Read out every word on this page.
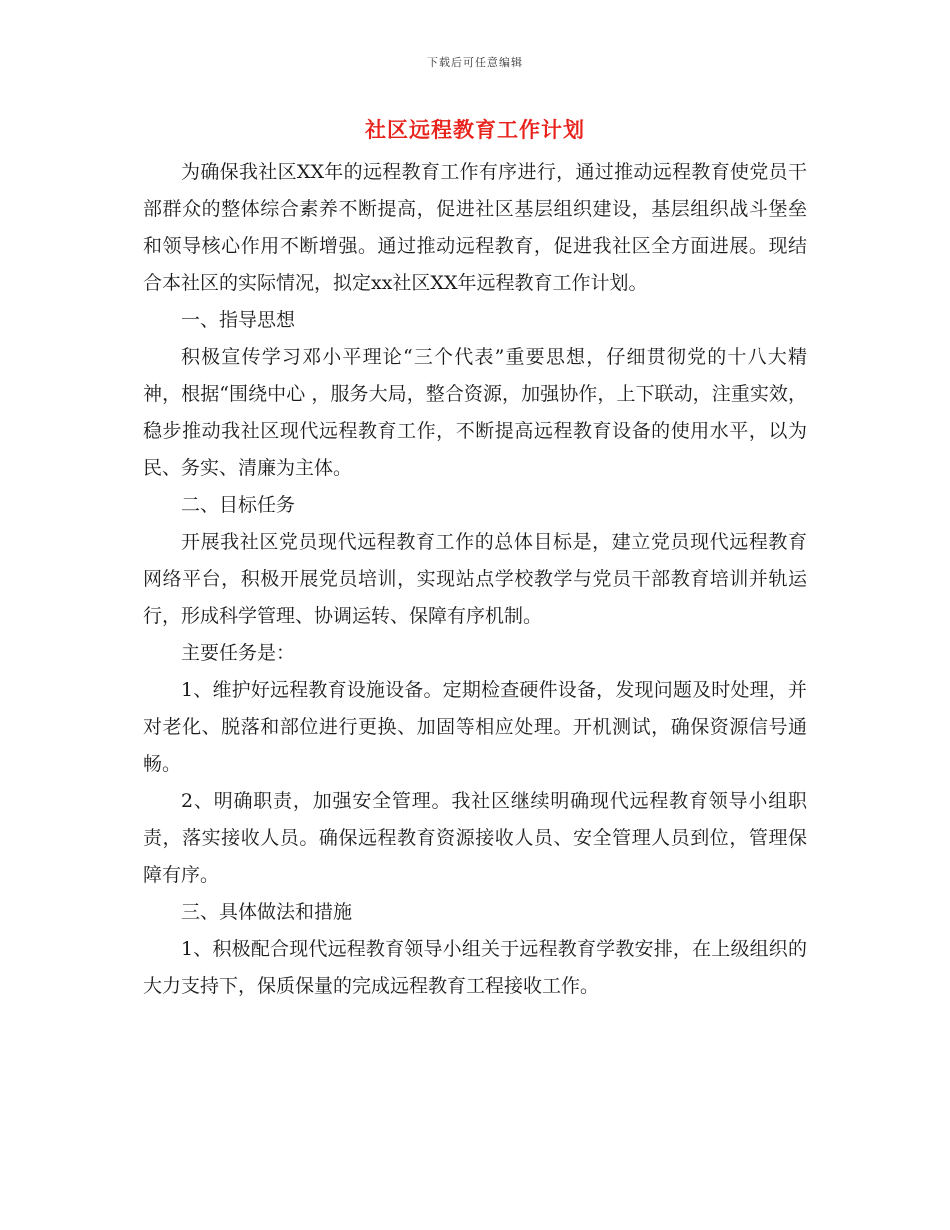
下载后可任意编辑
社区远程教育工作计划

为确保我社区XX年的远程教育工作有序进行，通过推动远程教育使党员干部群众的整体综合素养不断提高，促进社区基层组织建设，基层组织战斗堡垒和领导核心作用不断增强。通过推动远程教育，促进我社区全方面进展。现结合本社区的实际情况，拟定xx社区XX年远程教育工作计划。

一、指导思想

积极宣传学习邓小平理论“三个代表”重要思想，仔细贯彻党的十八大精神，根据“围绕中心 ，服务大局，整合资源，加强协作，上下联动，注重实效，稳步推动我社区现代远程教育工作，不断提高远程教育设备的使用水平，以为民、务实、清廉为主体。

二、目标任务

开展我社区党员现代远程教育工作的总体目标是，建立党员现代远程教育网络平台，积极开展党员培训，实现站点学校教学与党员干部教育培训并轨运行，形成科学管理、协调运转、保障有序机制。

主要任务是：

1、维护好远程教育设施设备。定期检查硬件设备，发现问题及时处理，并对老化、脱落和部位进行更换、加固等相应处理。开机测试，确保资源信号通畅。

2、明确职责，加强安全管理。我社区继续明确现代远程教育领导小组职责，落实接收人员。确保远程教育资源接收人员、安全管理人员到位，管理保障有序。

三、具体做法和措施

1、积极配合现代远程教育领导小组关于远程教育学教安排，在上级组织的大力支持下，保质保量的完成远程教育工程接收工作。
